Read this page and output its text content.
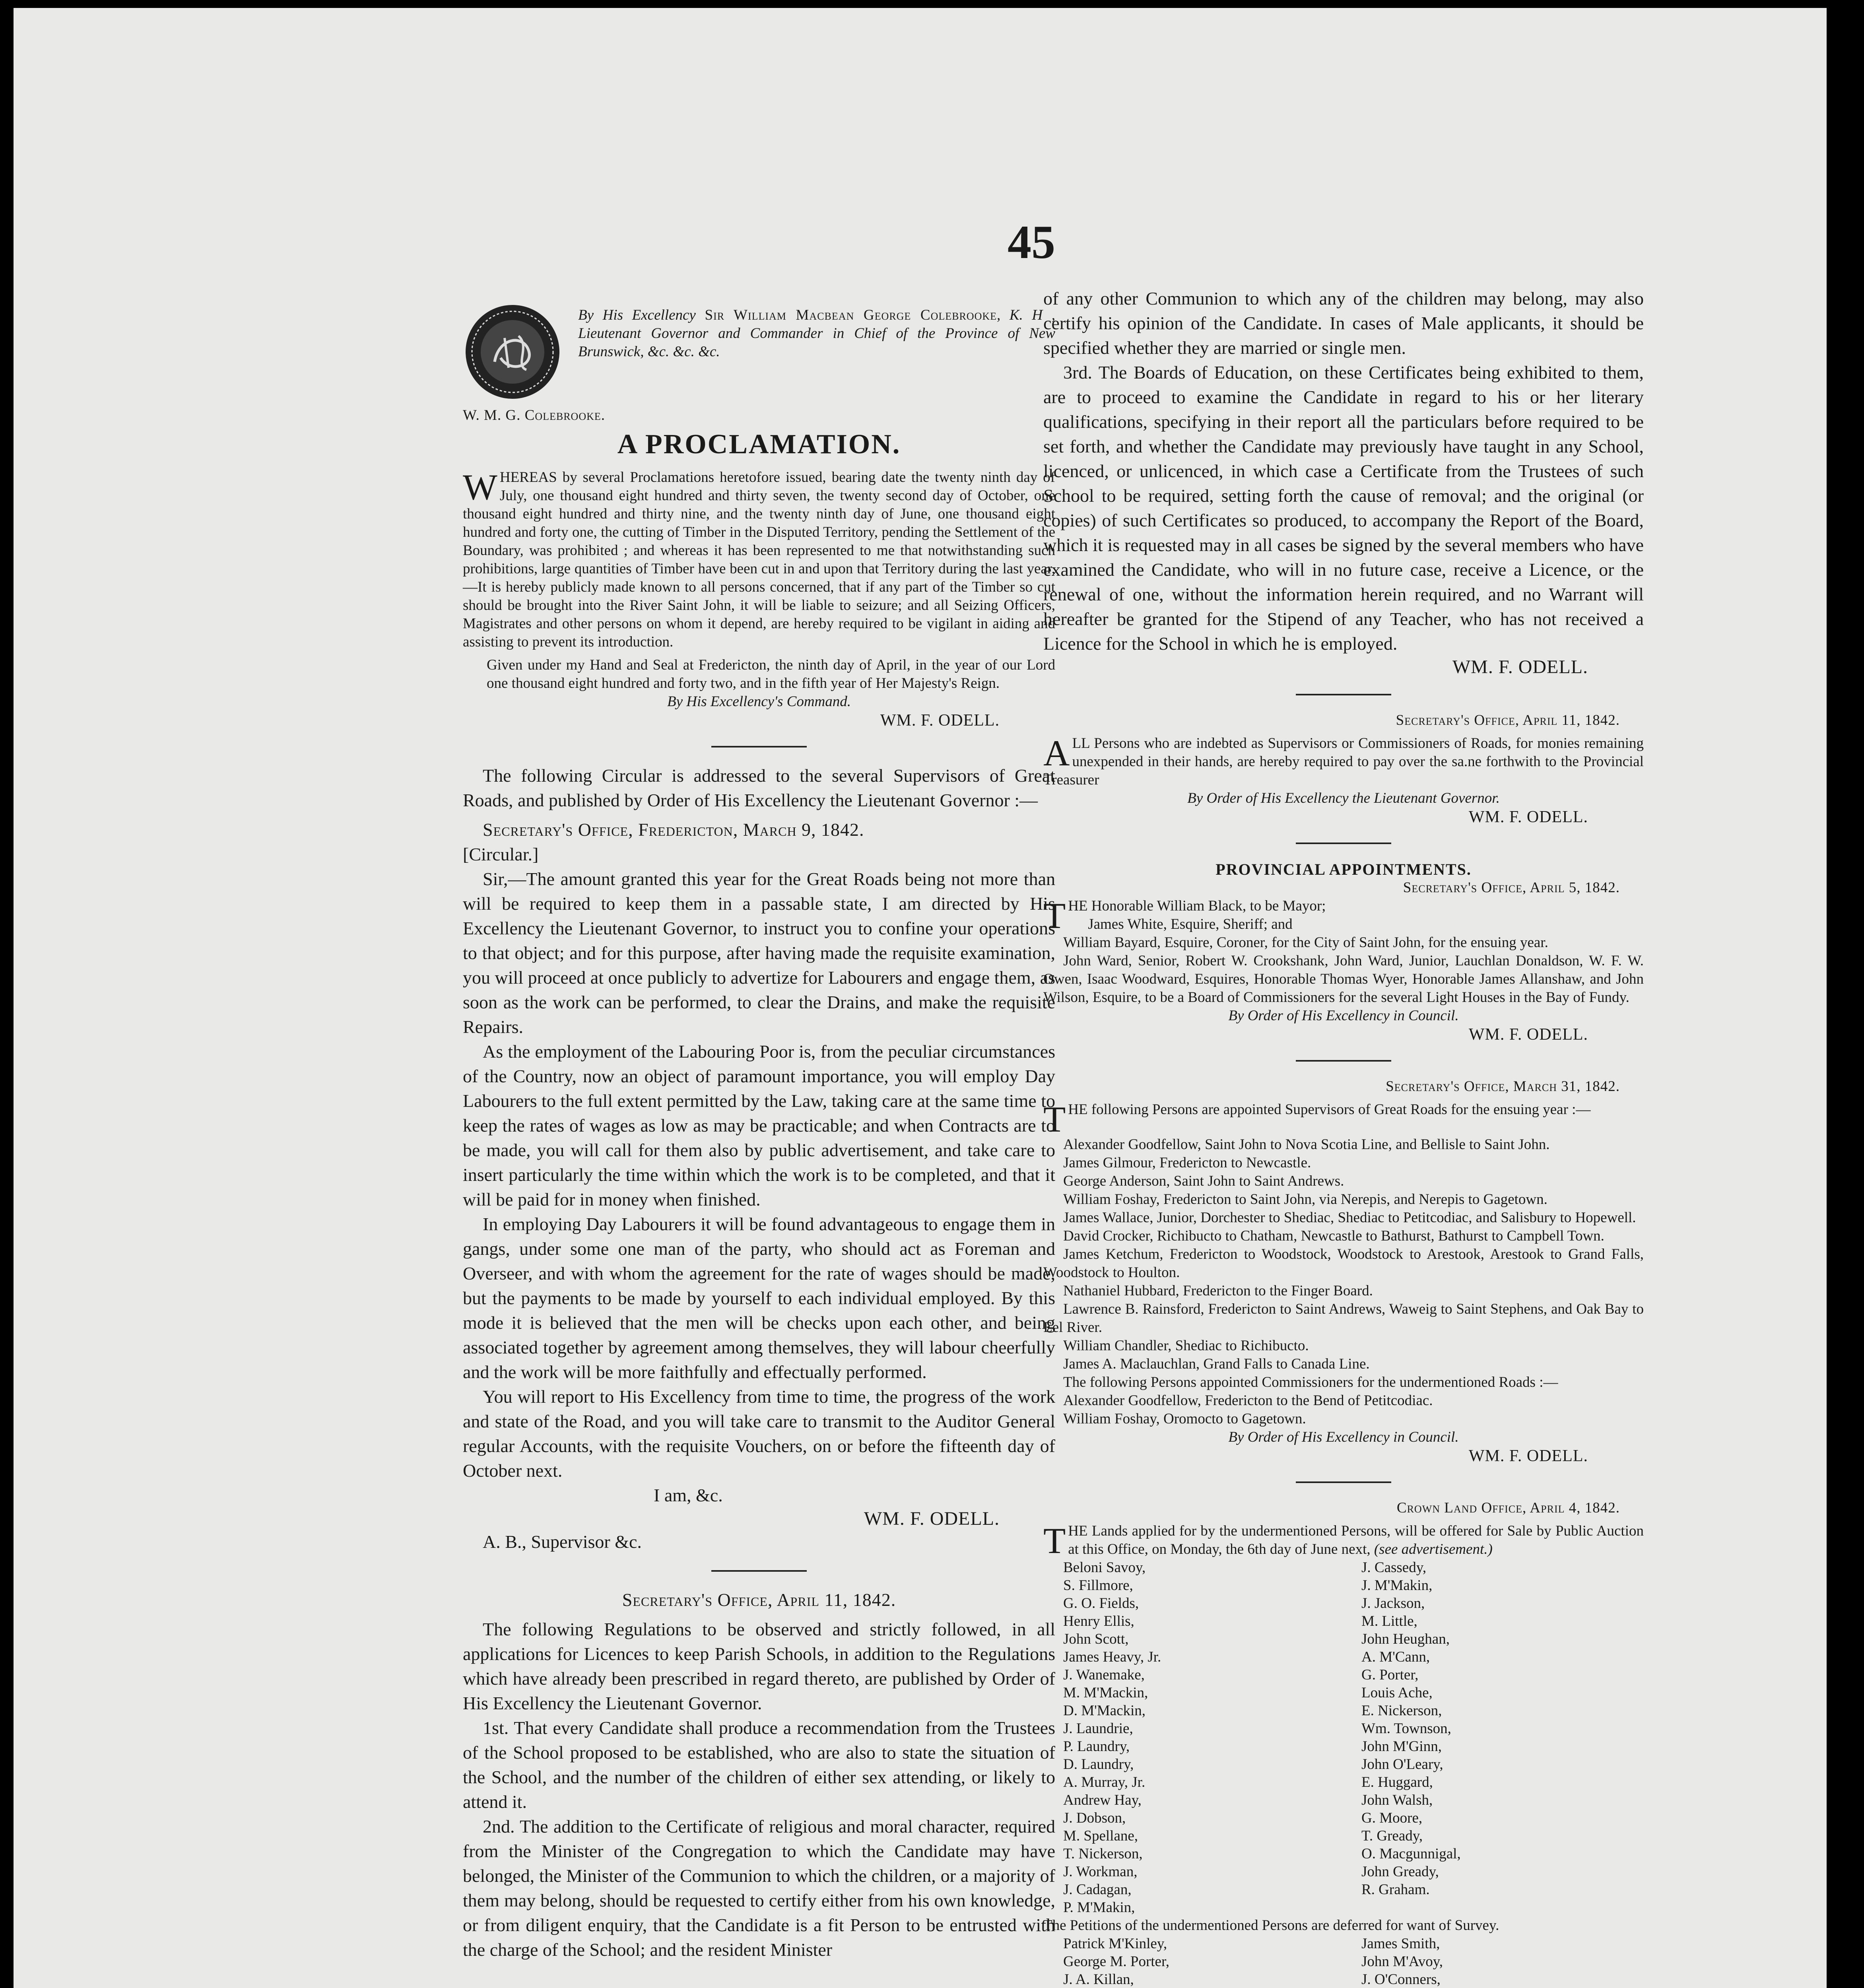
45

By His Excellency Sir William Macbean George Colebrooke, K. H , Lieutenant Governor and Commander in Chief of the Province of New Brunswick, &c. &c. &c.

W. M. G. Colebrooke.

A PROCLAMATION.

WHEREAS by several Proclamations heretofore issued, bearing date the twenty ninth day of July, one thousand eight hundred and thirty seven, the twenty second day of October, one thousand eight hundred and thirty nine, and the twenty ninth day of June, one thousand eight hundred and forty one, the cutting of Timber in the Disputed Territory, pending the Settlement of the Boundary, was prohibited ; and whereas it has been represented to me that notwithstanding such prohibitions, large quantities of Timber have been cut in and upon that Territory during the last year,—It is hereby publicly made known to all persons concerned, that if any part of the Timber so cut should be brought into the River Saint John, it will be liable to seizure; and all Seizing Officers, Magistrates and other persons on whom it depend, are hereby required to be vigilant in aiding and assisting to prevent its introduction.

Given under my Hand and Seal at Fredericton, the ninth day of April, in the year of our Lord one thousand eight hundred and forty two, and in the fifth year of Her Majesty's Reign.

By His Excellency's Command.

WM. F. ODELL.

The following Circular is addressed to the several Supervisors of Great Roads, and published by Order of His Excellency the Lieutenant Governor :—

Secretary's Office, Fredericton, March 9, 1842.

[Circular.]

Sir,—The amount granted this year for the Great Roads being not more than will be required to keep them in a passable state, I am directed by His Excellency the Lieutenant Governor, to instruct you to confine your operations to that object; and for this purpose, after having made the requisite examination, you will proceed at once publicly to advertize for Labourers and engage them, as soon as the work can be performed, to clear the Drains, and make the requisite Repairs.

As the employment of the Labouring Poor is, from the peculiar circumstances of the Country, now an object of paramount importance, you will employ Day Labourers to the full extent permitted by the Law, taking care at the same time to keep the rates of wages as low as may be practicable; and when Contracts are to be made, you will call for them also by public advertisement, and take care to insert particularly the time within which the work is to be completed, and that it will be paid for in money when finished.

In employing Day Labourers it will be found advantageous to engage them in gangs, under some one man of the party, who should act as Foreman and Overseer, and with whom the agreement for the rate of wages should be made, but the payments to be made by yourself to each individual employed. By this mode it is believed that the men will be checks upon each other, and being associated together by agreement among themselves, they will labour cheerfully and the work will be more faithfully and effectually performed.

You will report to His Excellency from time to time, the progress of the work and state of the Road, and you will take care to transmit to the Auditor General regular Accounts, with the requisite Vouchers, on or before the fifteenth day of October next.

I am, &c.

WM. F. ODELL.

A. B., Supervisor &c.

Secretary's Office, April 11, 1842.

The following Regulations to be observed and strictly followed, in all applications for Licences to keep Parish Schools, in addition to the Regulations which have already been prescribed in regard thereto, are published by Order of His Excellency the Lieutenant Governor.

1st. That every Candidate shall produce a recommendation from the Trustees of the School proposed to be established, who are also to state the situation of the School, and the number of the children of either sex attending, or likely to attend it.

2nd. The addition to the Certificate of religious and moral character, required from the Minister of the Congregation to which the Candidate may have belonged, the Minister of the Communion to which the children, or a majority of them may belong, should be requested to certify either from his own knowledge, or from diligent enquiry, that the Candidate is a fit Person to be entrusted with the charge of the School; and the resident Minister

of any other Communion to which any of the children may belong, may also certify his opinion of the Candidate. In cases of Male applicants, it should be specified whether they are married or single men.

3rd. The Boards of Education, on these Certificates being exhibited to them, are to proceed to examine the Candidate in regard to his or her literary qualifications, specifying in their report all the particulars before required to be set forth, and whether the Candidate may previously have taught in any School, licenced, or unlicenced, in which case a Certificate from the Trustees of such School to be required, setting forth the cause of removal; and the original (or copies) of such Certificates so produced, to accompany the Report of the Board, which it is requested may in all cases be signed by the several members who have examined the Candidate, who will in no future case, receive a Licence, or the renewal of one, without the information herein required, and no Warrant will hereafter be granted for the Stipend of any Teacher, who has not received a Licence for the School in which he is employed.

WM. F. ODELL.

Secretary's Office, April 11, 1842.

ALL Persons who are indebted as Supervisors or Commissioners of Roads, for monies remaining unexpended in their hands, are hereby required to pay over the sa.ne forthwith to the Provincial Treasurer

By Order of His Excellency the Lieutenant Governor.

WM. F. ODELL.

PROVINCIAL APPOINTMENTS.

Secretary's Office, April 5, 1842.

THE Honorable William Black, to be Mayor;

James White, Esquire, Sheriff; and

William Bayard, Esquire, Coroner, for the City of Saint John, for the ensuing year.

John Ward, Senior, Robert W. Crookshank, John Ward, Junior, Lauchlan Donaldson, W. F. W. Owen, Isaac Woodward, Esquires, Honorable Thomas Wyer, Honorable James Allanshaw, and John Wilson, Esquire, to be a Board of Commissioners for the several Light Houses in the Bay of Fundy.

By Order of His Excellency in Council.

WM. F. ODELL.

Secretary's Office, March 31, 1842.

THE following Persons are appointed Supervisors of Great Roads for the ensuing year :—

Alexander Goodfellow, Saint John to Nova Scotia Line, and Bellisle to Saint John.

James Gilmour, Fredericton to Newcastle.

George Anderson, Saint John to Saint Andrews.

William Foshay, Fredericton to Saint John, via Nerepis, and Nerepis to Gagetown.

James Wallace, Junior, Dorchester to Shediac, Shediac to Petitcodiac, and Salisbury to Hopewell.

David Crocker, Richibucto to Chatham, Newcastle to Bathurst, Bathurst to Campbell Town.

James Ketchum, Fredericton to Woodstock, Woodstock to Arestook, Arestook to Grand Falls, Woodstock to Houlton.

Nathaniel Hubbard, Fredericton to the Finger Board.

Lawrence B. Rainsford, Fredericton to Saint Andrews, Waweig to Saint Stephens, and Oak Bay to Eel River.

William Chandler, Shediac to Richibucto.

James A. Maclauchlan, Grand Falls to Canada Line.

The following Persons appointed Commissioners for the undermentioned Roads :—

Alexander Goodfellow, Fredericton to the Bend of Petitcodiac.

William Foshay, Oromocto to Gagetown.

By Order of His Excellency in Council.

WM. F. ODELL.

Crown Land Office, April 4, 1842.

THE Lands applied for by the undermentioned Persons, will be offered for Sale by Public Auction at this Office, on Monday, the 6th day of June next, (see advertisement.)

Beloni Savoy,
S. Fillmore,
G. O. Fields,
Henry Ellis,
John Scott,
James Heavy, Jr.
J. Wanemake,
M. M'Mackin,
D. M'Mackin,
J. Laundrie,
P. Laundry,
D. Laundry,
A. Murray, Jr.
Andrew Hay,
J. Dobson,
M. Spellane,
T. Nickerson,
J. Workman,
J. Cadagan,
P. M'Makin,
J. Cassedy,
J. M'Makin,
J. Jackson,
M. Little,
John Heughan,
A. M'Cann,
G. Porter,
Louis Ache,
E. Nickerson,
Wm. Townson,
John M'Ginn,
John O'Leary,
E. Huggard,
John Walsh,
G. Moore,
T. Gready,
O. Macgunnigal,
John Gready,
R. Graham.

The Petitions of the undermentioned Persons are deferred for want of Survey.

Patrick M'Kinley,
George M. Porter,
J. A. Killan,
James Smith,
John M'Avoy,
J. O'Conners,
